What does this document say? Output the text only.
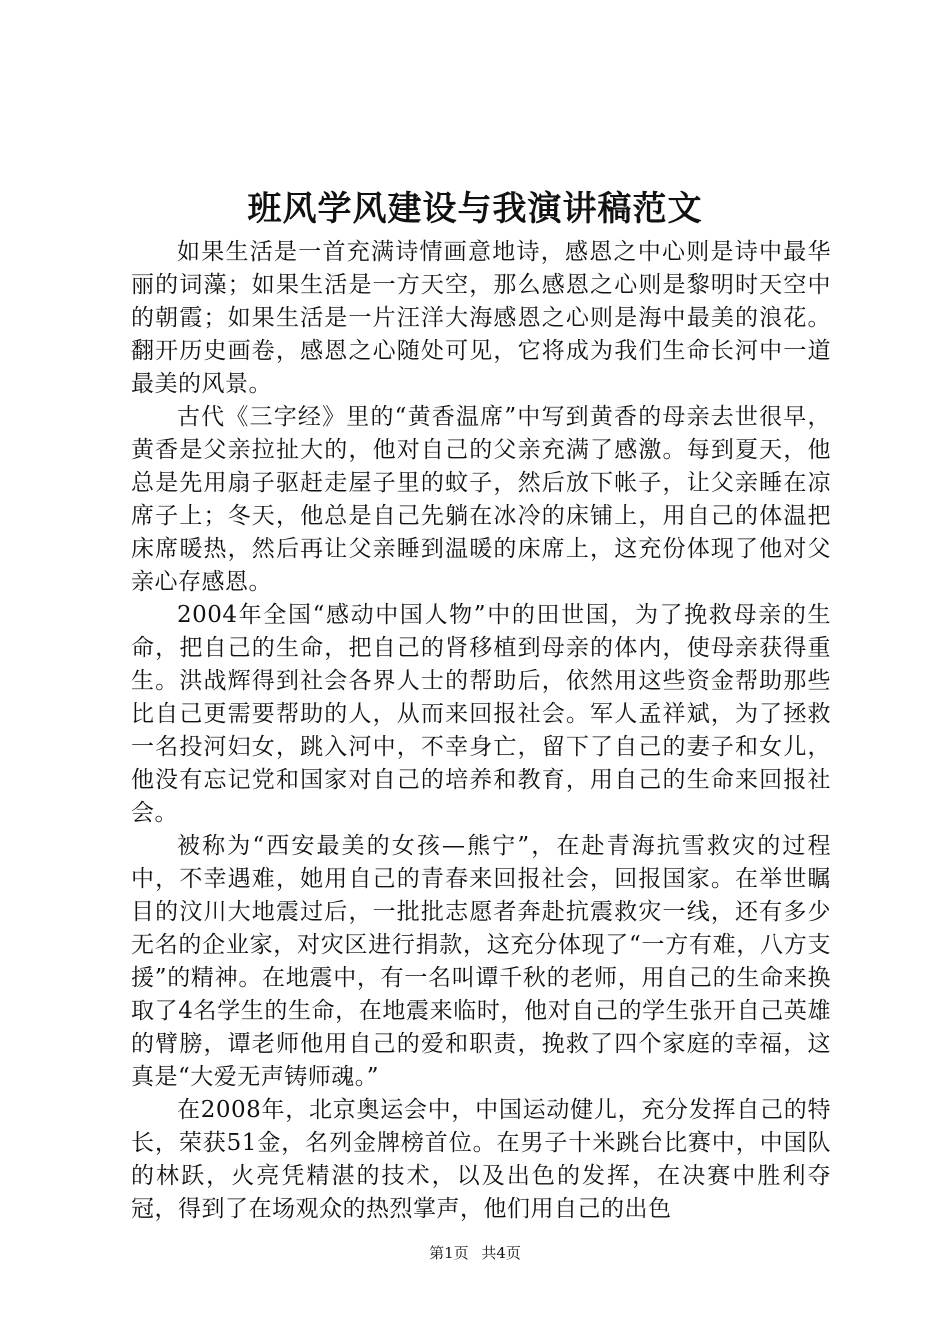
班风学风建设与我演讲稿范文

如果生活是一首充满诗情画意地诗，感恩之中心则是诗中最华丽的词藻；如果生活是一方天空，那么感恩之心则是黎明时天空中的朝霞；如果生活是一片汪洋大海感恩之心则是海中最美的浪花。翻开历史画卷，感恩之心随处可见，它将成为我们生命长河中一道最美的风景。

古代《三字经》里的“黄香温席”中写到黄香的母亲去世很早，黄香是父亲拉扯大的，他对自己的父亲充满了感激。每到夏天，他总是先用扇子驱赶走屋子里的蚊子，然后放下帐子，让父亲睡在凉席子上；冬天，他总是自己先躺在冰冷的床铺上，用自己的体温把床席暖热，然后再让父亲睡到温暖的床席上，这充份体现了他对父亲心存感恩。

2004年全国“感动中国人物”中的田世国，为了挽救母亲的生命，把自己的生命，把自己的肾移植到母亲的体内，使母亲获得重生。洪战辉得到社会各界人士的帮助后，依然用这些资金帮助那些比自己更需要帮助的人，从而来回报社会。军人孟祥斌，为了拯救一名投河妇女，跳入河中，不幸身亡，留下了自己的妻子和女儿，他没有忘记党和国家对自己的培养和教育，用自己的生命来回报社会。

被称为“西安最美的女孩—熊宁”，在赴青海抗雪救灾的过程中，不幸遇难，她用自己的青春来回报社会，回报国家。在举世瞩目的汶川大地震过后，一批批志愿者奔赴抗震救灾一线，还有多少无名的企业家，对灾区进行捐款，这充分体现了“一方有难，八方支援”的精神。在地震中，有一名叫谭千秋的老师，用自己的生命来换取了4名学生的生命，在地震来临时，他对自己的学生张开自己英雄的臂膀，谭老师他用自己的爱和职责，挽救了四个家庭的幸福，这真是“大爱无声铸师魂。”

在2008年，北京奥运会中，中国运动健儿，充分发挥自己的特长，荣获51金，名列金牌榜首位。在男子十米跳台比赛中，中国队的林跃，火亮凭精湛的技术，以及出色的发挥，在决赛中胜利夺冠，得到了在场观众的热烈掌声，他们用自己的出色

第1页 共4页
